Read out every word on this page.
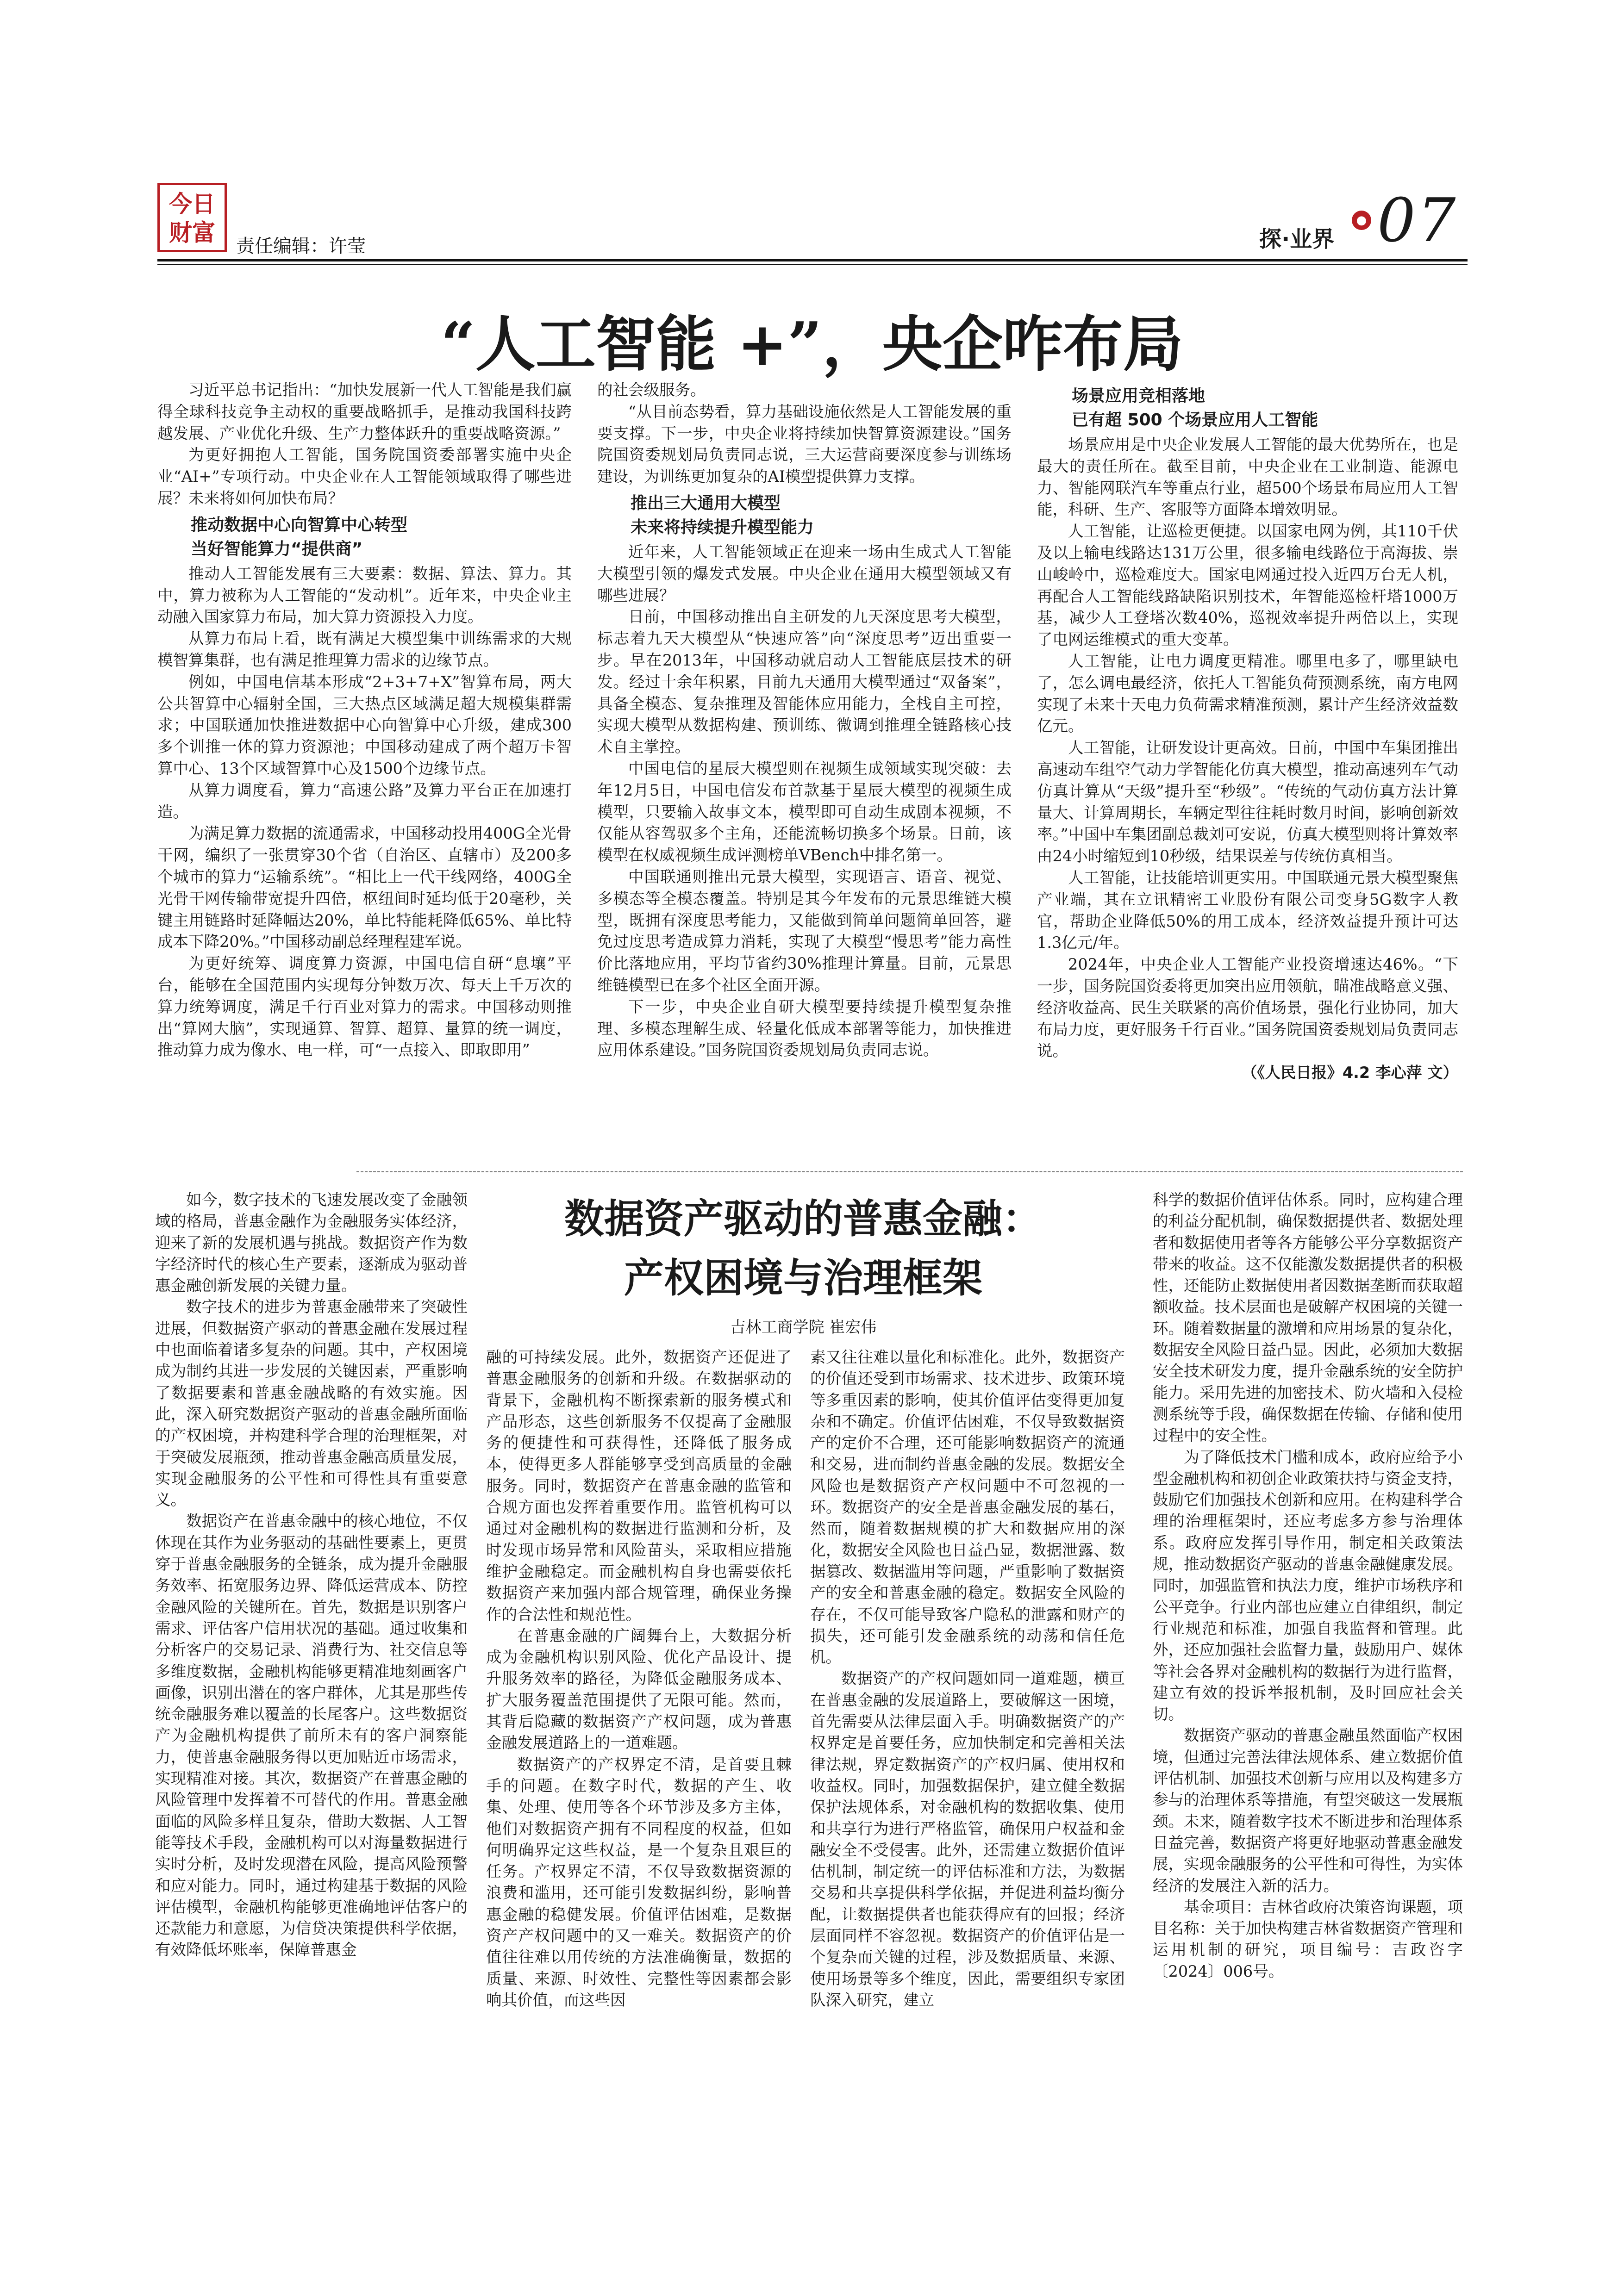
今日
财富	责任编辑：许莹	探·业界
● 07
“人工智能 +”，央企咋布局

习近平总书记指出：“加快发展新一代人工智能是我们赢得全球科技竞争主动权的重要战略抓手，是推动我国科技跨越发展、产业优化升级、生产力整体跃升的重要战略资源。”

为更好拥抱人工智能，国务院国资委部署实施中央企业“AI+”专项行动。中央企业在人工智能领域取得了哪些进展？未来将如何加快布局？

推动数据中心向智算中心转型
当好智能算力“提供商”

推动人工智能发展有三大要素：数据、算法、算力。其中，算力被称为人工智能的“发动机”。近年来，中央企业主动融入国家算力布局，加大算力资源投入力度。

从算力布局上看，既有满足大模型集中训练需求的大规模智算集群，也有满足推理算力需求的边缘节点。

例如，中国电信基本形成“2+3+7+X”智算布局，两大公共智算中心辐射全国，三大热点区域满足超大规模集群需求；中国联通加快推进数据中心向智算中心升级，建成300多个训推一体的算力资源池；中国移动建成了两个超万卡智算中心、13个区域智算中心及1500个边缘节点。

从算力调度看，算力“高速公路”及算力平台正在加速打造。

为满足算力数据的流通需求，中国移动投用400G全光骨干网，编织了一张贯穿30个省（自治区、直辖市）及200多个城市的算力“运输系统”。“相比上一代干线网络，400G全光骨干网传输带宽提升四倍，枢纽间时延均低于20毫秒，关键主用链路时延降幅达20%，单比特能耗降低65%、单比特成本下降20%。”中国移动副总经理程建军说。

为更好统筹、调度算力资源，中国电信自研“息壤”平台，能够在全国范围内实现每分钟数万次、每天上千万次的算力统筹调度，满足千行百业对算力的需求。中国移动则推出“算网大脑”，实现通算、智算、超算、量算的统一调度，推动算力成为像水、电一样，可“一点接入、即取即用”

的社会级服务。

“从目前态势看，算力基础设施依然是人工智能发展的重要支撑。下一步，中央企业将持续加快智算资源建设。”国务院国资委规划局负责同志说，三大运营商要深度参与训练场建设，为训练更加复杂的AI模型提供算力支撑。

推出三大通用大模型
未来将持续提升模型能力

近年来，人工智能领域正在迎来一场由生成式人工智能大模型引领的爆发式发展。中央企业在通用大模型领域又有哪些进展？

日前，中国移动推出自主研发的九天深度思考大模型，标志着九天大模型从“快速应答”向“深度思考”迈出重要一步。早在2013年，中国移动就启动人工智能底层技术的研发。经过十余年积累，目前九天通用大模型通过“双备案”，具备全模态、复杂推理及智能体应用能力，全栈自主可控，实现大模型从数据构建、预训练、微调到推理全链路核心技术自主掌控。

中国电信的星辰大模型则在视频生成领域实现突破：去年12月5日，中国电信发布首款基于星辰大模型的视频生成模型，只要输入故事文本，模型即可自动生成剧本视频，不仅能从容驾驭多个主角，还能流畅切换多个场景。日前，该模型在权威视频生成评测榜单VBench中排名第一。

中国联通则推出元景大模型，实现语言、语音、视觉、多模态等全模态覆盖。特别是其今年发布的元景思维链大模型，既拥有深度思考能力，又能做到简单问题简单回答，避免过度思考造成算力消耗，实现了大模型“慢思考”能力高性价比落地应用，平均节省约30%推理计算量。目前，元景思维链模型已在多个社区全面开源。

下一步，中央企业自研大模型要持续提升模型复杂推理、多模态理解生成、轻量化低成本部署等能力，加快推进应用体系建设。”国务院国资委规划局负责同志说。

场景应用竞相落地
已有超 500 个场景应用人工智能

场景应用是中央企业发展人工智能的最大优势所在，也是最大的责任所在。截至目前，中央企业在工业制造、能源电力、智能网联汽车等重点行业，超500个场景布局应用人工智能，科研、生产、客服等方面降本增效明显。

人工智能，让巡检更便捷。以国家电网为例，其110千伏及以上输电线路达131万公里，很多输电线路位于高海拔、崇山峻岭中，巡检难度大。国家电网通过投入近四万台无人机，再配合人工智能线路缺陷识别技术，年智能巡检杆塔1000万基，减少人工登塔次数40%，巡视效率提升两倍以上，实现了电网运维模式的重大变革。

人工智能，让电力调度更精准。哪里电多了，哪里缺电了，怎么调电最经济，依托人工智能负荷预测系统，南方电网实现了未来十天电力负荷需求精准预测，累计产生经济效益数亿元。

人工智能，让研发设计更高效。日前，中国中车集团推出高速动车组空气动力学智能化仿真大模型，推动高速列车气动仿真计算从“天级”提升至“秒级”。“传统的气动仿真方法计算量大、计算周期长，车辆定型往往耗时数月时间，影响创新效率。”中国中车集团副总裁刘可安说，仿真大模型则将计算效率由24小时缩短到10秒级，结果误差与传统仿真相当。

人工智能，让技能培训更实用。中国联通元景大模型聚焦产业端，其在立讯精密工业股份有限公司变身5G数字人教官，帮助企业降低50%的用工成本，经济效益提升预计可达1.3亿元/年。

2024年，中央企业人工智能产业投资增速达46%。“下一步，国务院国资委将更加突出应用领航，瞄准战略意义强、经济收益高、民生关联紧的高价值场景，强化行业协同，加大布局力度，更好服务千行百业。”国务院国资委规划局负责同志说。

（《人民日报》4.2 李心萍 文）
数据资产驱动的普惠金融：
产权困境与治理框架
吉林工商学院 崔宏伟

如今，数字技术的飞速发展改变了金融领域的格局，普惠金融作为金融服务实体经济，迎来了新的发展机遇与挑战。数据资产作为数字经济时代的核心生产要素，逐渐成为驱动普惠金融创新发展的关键力量。

数字技术的进步为普惠金融带来了突破性进展，但数据资产驱动的普惠金融在发展过程中也面临着诸多复杂的问题。其中，产权困境成为制约其进一步发展的关键因素，严重影响了数据要素和普惠金融战略的有效实施。因此，深入研究数据资产驱动的普惠金融所面临的产权困境，并构建科学合理的治理框架，对于突破发展瓶颈，推动普惠金融高质量发展，实现金融服务的公平性和可得性具有重要意义。

数据资产在普惠金融中的核心地位，不仅体现在其作为业务驱动的基础性要素上，更贯穿于普惠金融服务的全链条，成为提升金融服务效率、拓宽服务边界、降低运营成本、防控金融风险的关键所在。首先，数据是识别客户需求、评估客户信用状况的基础。通过收集和分析客户的交易记录、消费行为、社交信息等多维度数据，金融机构能够更精准地刻画客户画像，识别出潜在的客户群体，尤其是那些传统金融服务难以覆盖的长尾客户。这些数据资产为金融机构提供了前所未有的客户洞察能力，使普惠金融服务得以更加贴近市场需求，实现精准对接。其次，数据资产在普惠金融的风险管理中发挥着不可替代的作用。普惠金融面临的风险多样且复杂，借助大数据、人工智能等技术手段，金融机构可以对海量数据进行实时分析，及时发现潜在风险，提高风险预警和应对能力。同时，通过构建基于数据的风险评估模型，金融机构能够更准确地评估客户的还款能力和意愿，为信贷决策提供科学依据，有效降低坏账率，保障普惠金

融的可持续发展。此外，数据资产还促进了普惠金融服务的创新和升级。在数据驱动的背景下，金融机构不断探索新的服务模式和产品形态，这些创新服务不仅提高了金融服务的便捷性和可获得性，还降低了服务成本，使得更多人群能够享受到高质量的金融服务。同时，数据资产在普惠金融的监管和合规方面也发挥着重要作用。监管机构可以通过对金融机构的数据进行监测和分析，及时发现市场异常和风险苗头，采取相应措施维护金融稳定。而金融机构自身也需要依托数据资产来加强内部合规管理，确保业务操作的合法性和规范性。

在普惠金融的广阔舞台上，大数据分析成为金融机构识别风险、优化产品设计、提升服务效率的路径，为降低金融服务成本、扩大服务覆盖范围提供了无限可能。然而，其背后隐藏的数据资产产权问题，成为普惠金融发展道路上的一道难题。

数据资产的产权界定不清，是首要且棘手的问题。在数字时代，数据的产生、收集、处理、使用等各个环节涉及多方主体，他们对数据资产拥有不同程度的权益，但如何明确界定这些权益，是一个复杂且艰巨的任务。产权界定不清，不仅导致数据资源的浪费和滥用，还可能引发数据纠纷，影响普惠金融的稳健发展。价值评估困难，是数据资产产权问题中的又一难关。数据资产的价值往往难以用传统的方法准确衡量，数据的质量、来源、时效性、完整性等因素都会影响其价值，而这些因

素又往往难以量化和标准化。此外，数据资产的价值还受到市场需求、技术进步、政策环境等多重因素的影响，使其价值评估变得更加复杂和不确定。价值评估困难，不仅导致数据资产的定价不合理，还可能影响数据资产的流通和交易，进而制约普惠金融的发展。数据安全风险也是数据资产产权问题中不可忽视的一环。数据资产的安全是普惠金融发展的基石，然而，随着数据规模的扩大和数据应用的深化，数据安全风险也日益凸显，数据泄露、数据篡改、数据滥用等问题，严重影响了数据资产的安全和普惠金融的稳定。数据安全风险的存在，不仅可能导致客户隐私的泄露和财产的损失，还可能引发金融系统的动荡和信任危机。

数据资产的产权问题如同一道难题，横亘在普惠金融的发展道路上，要破解这一困境，首先需要从法律层面入手。明确数据资产的产权界定是首要任务，应加快制定和完善相关法律法规，界定数据资产的产权归属、使用权和收益权。同时，加强数据保护，建立健全数据保护法规体系，对金融机构的数据收集、使用和共享行为进行严格监管，确保用户权益和金融安全不受侵害。此外，还需建立数据价值评估机制，制定统一的评估标准和方法，为数据交易和共享提供科学依据，并促进利益均衡分配，让数据提供者也能获得应有的回报；经济层面同样不容忽视。数据资产的价值评估是一个复杂而关键的过程，涉及数据质量、来源、使用场景等多个维度，因此，需要组织专家团队深入研究，建立

科学的数据价值评估体系。同时，应构建合理的利益分配机制，确保数据提供者、数据处理者和数据使用者等各方能够公平分享数据资产带来的收益。这不仅能激发数据提供者的积极性，还能防止数据使用者因数据垄断而获取超额收益。技术层面也是破解产权困境的关键一环。随着数据量的激增和应用场景的复杂化，数据安全风险日益凸显。因此，必须加大数据安全技术研发力度，提升金融系统的安全防护能力。采用先进的加密技术、防火墙和入侵检测系统等手段，确保数据在传输、存储和使用过程中的安全性。

为了降低技术门槛和成本，政府应给予小型金融机构和初创企业政策扶持与资金支持，鼓励它们加强技术创新和应用。在构建科学合理的治理框架时，还应考虑多方参与治理体系。政府应发挥引导作用，制定相关政策法规，推动数据资产驱动的普惠金融健康发展。同时，加强监管和执法力度，维护市场秩序和公平竞争。行业内部也应建立自律组织，制定行业规范和标准，加强自我监督和管理。此外，还应加强社会监督力量，鼓励用户、媒体等社会各界对金融机构的数据行为进行监督，建立有效的投诉举报机制，及时回应社会关切。

数据资产驱动的普惠金融虽然面临产权困境，但通过完善法律法规体系、建立数据价值评估机制、加强技术创新与应用以及构建多方参与的治理体系等措施，有望突破这一发展瓶颈。未来，随着数字技术不断进步和治理体系日益完善，数据资产将更好地驱动普惠金融发展，实现金融服务的公平性和可得性，为实体经济的发展注入新的活力。

基金项目：吉林省政府决策咨询课题，项目名称：关于加快构建吉林省数据资产管理和运用机制的研究，项目编号：吉政咨字〔2024〕006号。
